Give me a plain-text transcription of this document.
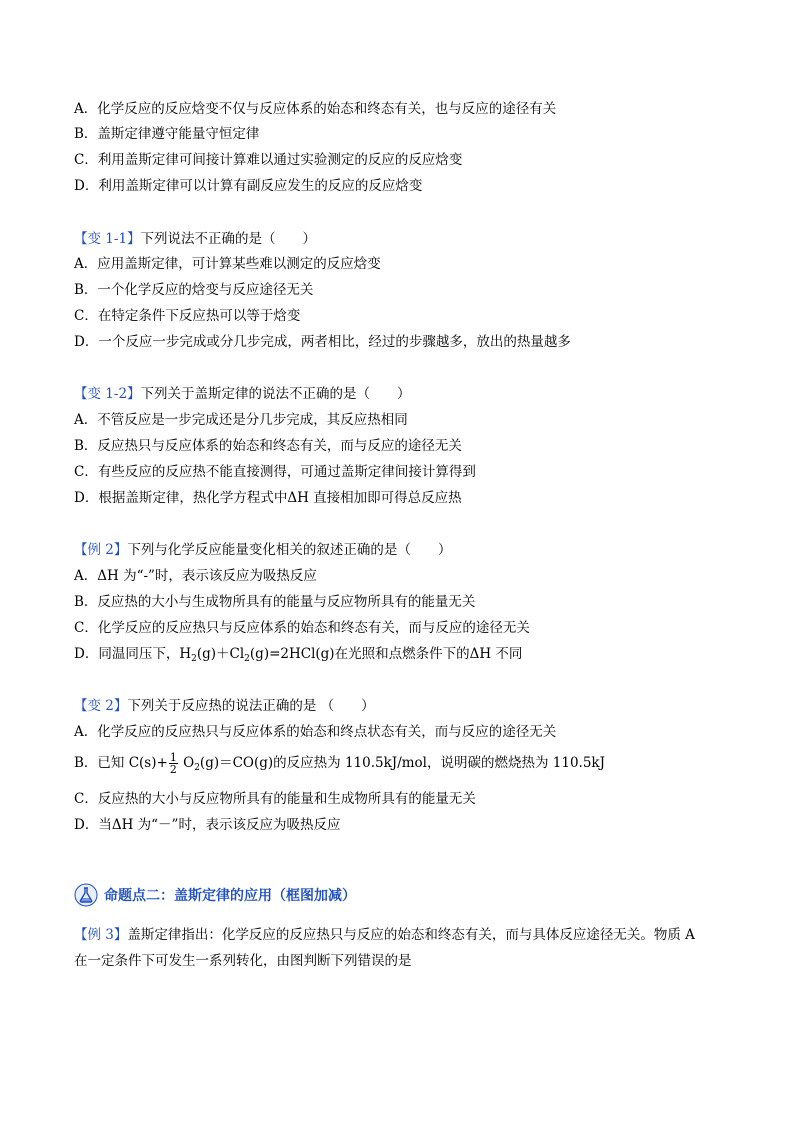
A．化学反应的反应焓变不仅与反应体系的始态和终态有关，也与反应的途径有关
B．盖斯定律遵守能量守恒定律
C．利用盖斯定律可间接计算难以通过实验测定的反应的反应焓变
D．利用盖斯定律可以计算有副反应发生的反应的反应焓变
【变 1-1】下列说法不正确的是（　　）
A．应用盖斯定律，可计算某些难以测定的反应焓变
B．一个化学反应的焓变与反应途径无关
C．在特定条件下反应热可以等于焓变
D．一个反应一步完成或分几步完成，两者相比，经过的步骤越多，放出的热量越多
【变 1-2】下列关于盖斯定律的说法不正确的是（　　）
A．不管反应是一步完成还是分几步完成，其反应热相同
B．反应热只与反应体系的始态和终态有关，而与反应的途径无关
C．有些反应的反应热不能直接测得，可通过盖斯定律间接计算得到
D．根据盖斯定律，热化学方程式中ΔH 直接相加即可得总反应热
【例 2】下列与化学反应能量变化相关的叙述正确的是（　　）
A．ΔH 为“-”时，表示该反应为吸热反应
B．反应热的大小与生成物所具有的能量与反应物所具有的能量无关
C．化学反应的反应热只与反应体系的始态和终态有关，而与反应的途径无关
D．同温同压下，$H_2(g)+Cl_2(g)=2HCl(g)$在光照和点燃条件下的ΔH 不同
【变 2】下列关于反应热的说法正确的是 （　　）
A．化学反应的反应热只与反应体系的始态和终点状态有关，而与反应的途径无关
B．已知 $C(s)+ \frac{1}{2} O_2(g)=CO(g)$的反应热为 110.5kJ/mol，说明碳的燃烧热为 110.5kJ
C．反应热的大小与反应物所具有的能量和生成物所具有的能量无关
D．当ΔH 为“－”时，表示该反应为吸热反应
命题点二：盖斯定律的应用（框图加减）
【例 3】盖斯定律指出：化学反应的反应热只与反应的始态和终态有关，而与具体反应途径无关。物质 A
在一定条件下可发生一系列转化，由图判断下列错误的是
